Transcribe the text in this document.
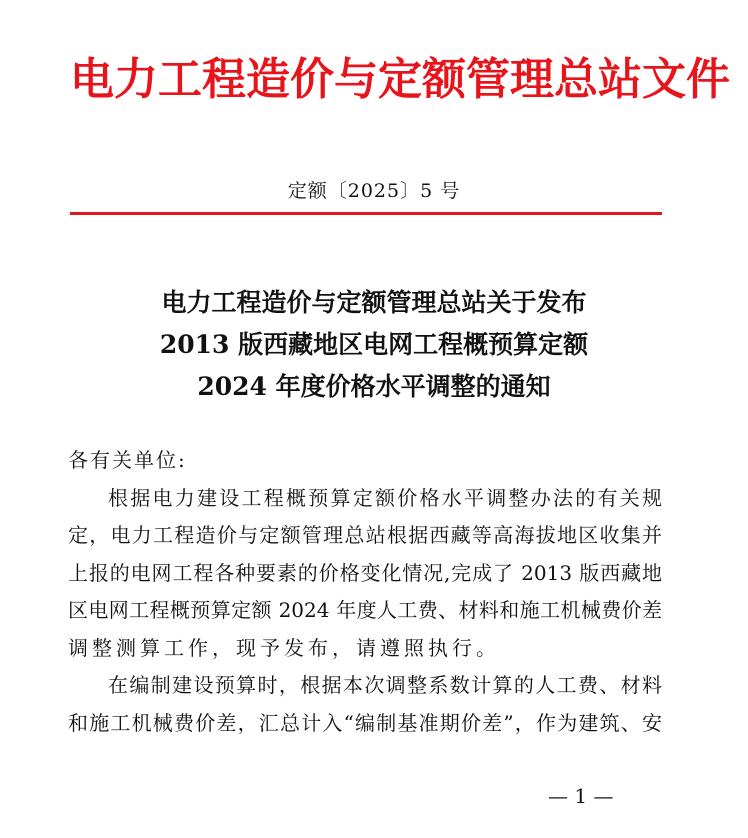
电力工程造价与定额管理总站文件
定额〔2025〕5 号
电力工程造价与定额管理总站关于发布
2013 版西藏地区电网工程概预算定额
2024 年度价格水平调整的通知
各有关单位:
根据电力建设工程概预算定额价格水平调整办法的有关规
定，电力工程造价与定额管理总站根据西藏等高海拔地区收集并
上报的电网工程各种要素的价格变化情况,完成了 2013 版西藏地
区电网工程概预算定额 2024 年度人工费、材料和施工机械费价差
调整测算工作，现予发布，请遵照执行。
在编制建设预算时，根据本次调整系数计算的人工费、材料
和施工机械费价差，汇总计入“编制基准期价差”，作为建筑、安
— 1 —
